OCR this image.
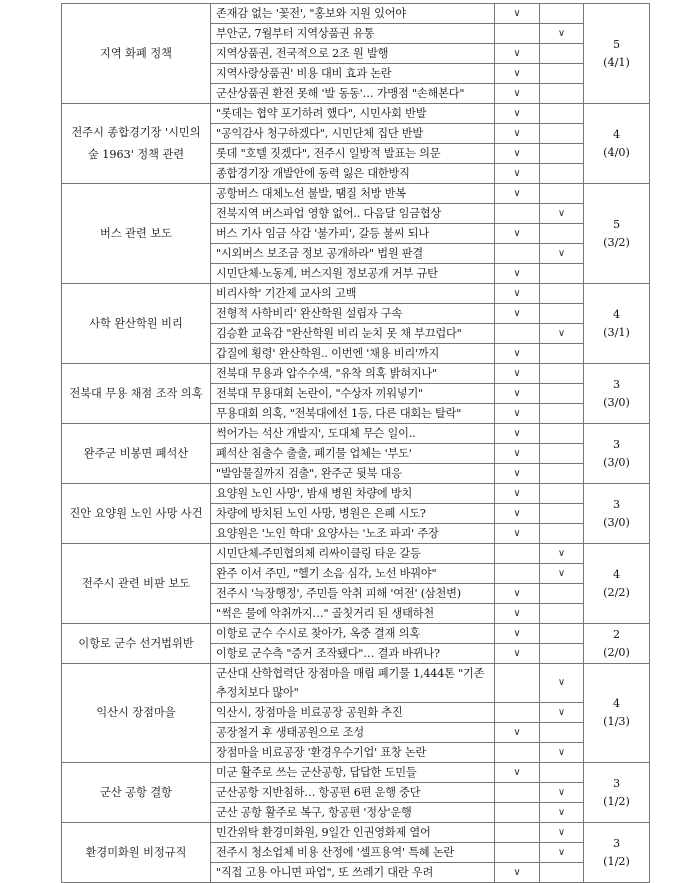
지역 화폐 정책	존재감 없는 '꽃전', "홍보와 지원 있어야	∨		5
(4/1)

	부안군, 7월부터 지역상품권 유통		∨	
	지역상품권, 전국적으로 2조 원 발행	∨		
	지역사랑상품권' 비용 대비 효과 논란	∨		
	군산상품권 환전 못해 '발 동동'… 가맹점 "손해본다"	∨		
전주시 종합경기장 '시민의 숲 1963' 정책 관련	"롯데는 협약 포기하려 했다", 시민사회 반발	∨		4
(4/0)

	"공익감사 청구하겠다", 시민단체 집단 반발	∨		
	롯데 "호텔 짓겠다", 전주시 일방적 발표는 의문	∨		
	종합경기장 개발안에 동력 잃은 대한방직	∨		
버스 관련 보도	공항버스 대체노선 불발, 땜질 처방 반복	∨		5
(3/2)

	전북지역 버스파업 영향 없어.. 다음달 임금협상		∨	
	버스 기사 임금 삭감 '불가피', 갈등 불씨 되나	∨		
	"시외버스 보조금 정보 공개하라" 법원 판결		∨	
	시민단체·노동계, 버스지원 정보공개 거부 규탄	∨		
사학 완산학원 비리	비리사학' 기간제 교사의 고백	∨		4
(3/1)

	전형적 사학비리' 완산학원 설립자 구속	∨		
	김승환 교육감 "완산학원 비리 눈치 못 채 부끄럽다"		∨	
	갑질에 횡령' 완산학원.. 이번엔 '채용 비리'까지	∨		
전북대 무용 채점 조작 의혹	전북대 무용과 압수수색, "유착 의혹 밝혀지나"	∨		3
(3/0)

	전북대 무용대회 논란이, "수상자 끼워넣기"	∨		
	무용대회 의혹, "전북대에선 1등, 다른 대회는 탈락"	∨		
완주군 비봉면 폐석산	썩어가는 석산 개발지', 도대체 무슨 일이..	∨		3
(3/0)

	폐석산 침출수 출출, 폐기물 업체는 '부도'	∨		
	"발암물질까지 검출", 완주군 뒷북 대응	∨		
진안 요양원 노인 사망 사건	요양원 노인 사망', 밤새 병원 차량에 방치	∨		3
(3/0)

	차량에 방치된 노인 사망, 병원은 은폐 시도?	∨		
	요양원은 '노인 학대' 요양사는 '노조 파괴' 주장	∨		
전주시 관련 비판 보도	시민단체-주민협의체 리싸이클링 타운 갈등		∨	4
(2/2)

	완주 이서 주민, "헬기 소음 심각, 노선 바꿔야"		∨	
	전주시 '늑장행정', 주민들 악취 피해 '여전' (삼천변)	∨		
	"썩은 물에 악취까지…" 골칫거리 된 생태하천	∨		
이항로 군수 선거법위반	이항로 군수 수시로 찾아가, 옥중 결재 의혹	∨		2
(2/0)

	이항로 군수측 "증거 조작됐다"… 결과 바뀌나?	∨		
익산시 장점마을	군산대 산학협력단 장점마을 매립 폐기물 1,444톤 "기존 추정치보다 많아"		∨	4
(1/3)

	익산시, 장점마을 비료공장 공원화 추진		∨	
	공장철거 후 생태공원으로 조성	∨		
	장점마을 비료공장 '환경우수기업' 표창 논란		∨	
군산 공항 결항	미군 활주로 쓰는 군산공항, 답답한 도민들	∨		3
(1/2)

	군산공항 지반침하… 항공편 6편 운행 중단		∨	
	군산 공항 활주로 복구, 항공편 '정상'운행		∨	
환경미화원 비정규직	민간위탁 환경미화원, 9일간 인권영화제 열어		∨	3
(1/2)

	전주시 청소업체 비용 산정에 '셀프용역' 특혜 논란		∨	
	"직접 고용 아니면 파업", 또 쓰레기 대란 우려	∨		
